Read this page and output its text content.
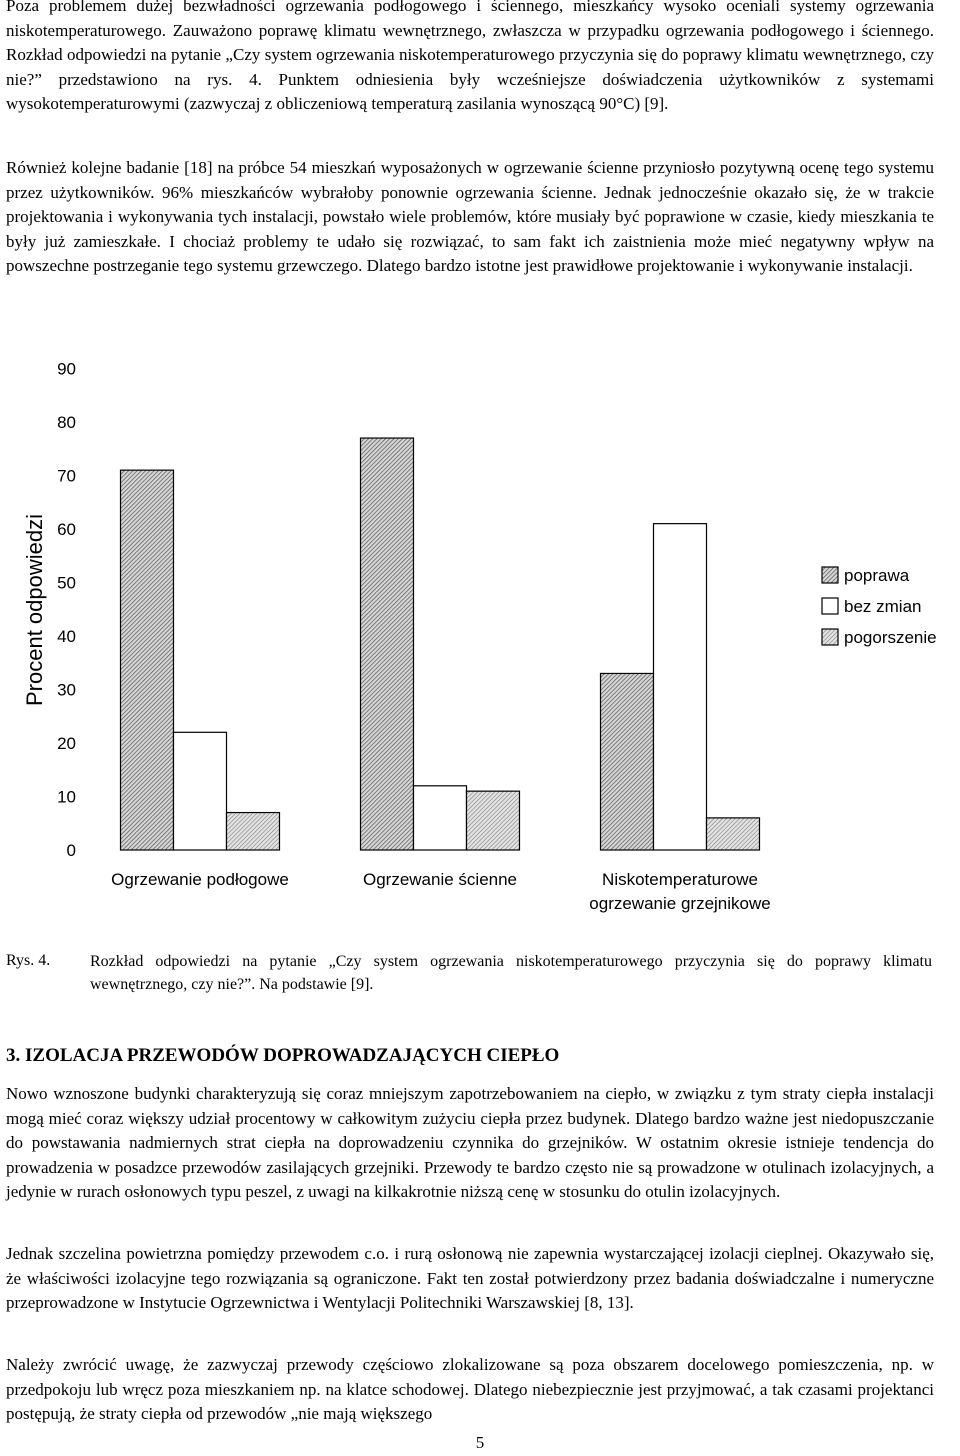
Poza problemem dużej bezwładności ogrzewania podłogowego i ściennego, mieszkańcy wysoko oceniali systemy ogrzewania niskotemperaturowego. Zauważono poprawę klimatu wewnętrznego, zwłaszcza w przypadku ogrzewania podłogowego i ściennego. Rozkład odpowiedzi na pytanie „Czy system ogrzewania niskotemperaturowego przyczynia się do poprawy klimatu wewnętrznego, czy nie?” przedstawiono na rys. 4. Punktem odniesienia były wcześniejsze doświadczenia użytkowników z systemami wysokotemperaturowymi (zazwyczaj z obliczeniową temperaturą zasilania wynoszącą 90°C) [9].

Również kolejne badanie [18] na próbce 54 mieszkań wyposażonych w ogrzewanie ścienne przyniosło pozytywną ocenę tego systemu przez użytkowników. 96% mieszkańców wybrałoby ponownie ogrzewania ścienne. Jednak jednocześnie okazało się, że w trakcie projektowania i wykonywania tych instalacji, powstało wiele problemów, które musiały być poprawione w czasie, kiedy mieszkania te były już zamieszkałe. I chociaż problemy te udało się rozwiązać, to sam fakt ich zaistnienia może mieć negatywny wpływ na powszechne postrzeganie tego systemu grzewczego. Dlatego bardzo istotne jest prawidłowe projektowanie i wykonywanie instalacji.

0
10
20
30
40
50
60
70
80
90
Ogrzewanie podłogowe	Ogrzewanie ścienne	Niskotemperaturowe
ogrzewanie grzejnikowe
Procent odpowiedzi	poprawa
bez zmian
pogorszenie

Rys. 4. Rozkład odpowiedzi na pytanie „Czy system ogrzewania niskotemperaturowego przyczynia się do poprawy klimatu wewnętrznego, czy nie?”. Na podstawie [9].

3. IZOLACJA PRZEWODÓW DOPROWADZAJĄCYCH CIEPŁO

Nowo wznoszone budynki charakteryzują się coraz mniejszym zapotrzebowaniem na ciepło, w związku z tym straty ciepła instalacji mogą mieć coraz większy udział procentowy w całkowitym zużyciu ciepła przez budynek. Dlatego bardzo ważne jest niedopuszczanie do powstawania nadmiernych strat ciepła na doprowadzeniu czynnika do grzejników. W ostatnim okresie istnieje tendencja do prowadzenia w posadzce przewodów zasilających grzejniki. Przewody te bardzo często nie są prowadzone w otulinach izolacyjnych, a jedynie w rurach osłonowych typu peszel, z uwagi na kilkakrotnie niższą cenę w stosunku do otulin izolacyjnych.

Jednak szczelina powietrzna pomiędzy przewodem c.o. i rurą osłonową nie zapewnia wystarczającej izolacji cieplnej. Okazywało się, że właściwości izolacyjne tego rozwiązania są ograniczone. Fakt ten został potwierdzony przez badania doświadczalne i numeryczne przeprowadzone w Instytucie Ogrzewnictwa i Wentylacji Politechniki Warszawskiej [8, 13].

Należy zwrócić uwagę, że zazwyczaj przewody częściowo zlokalizowane są poza obszarem docelowego pomieszczenia, np. w przedpokoju lub wręcz poza mieszkaniem np. na klatce schodowej. Dlatego niebezpiecznie jest przyjmować, a tak czasami projektanci postępują, że straty ciepła od przewodów „nie mają większego

5
